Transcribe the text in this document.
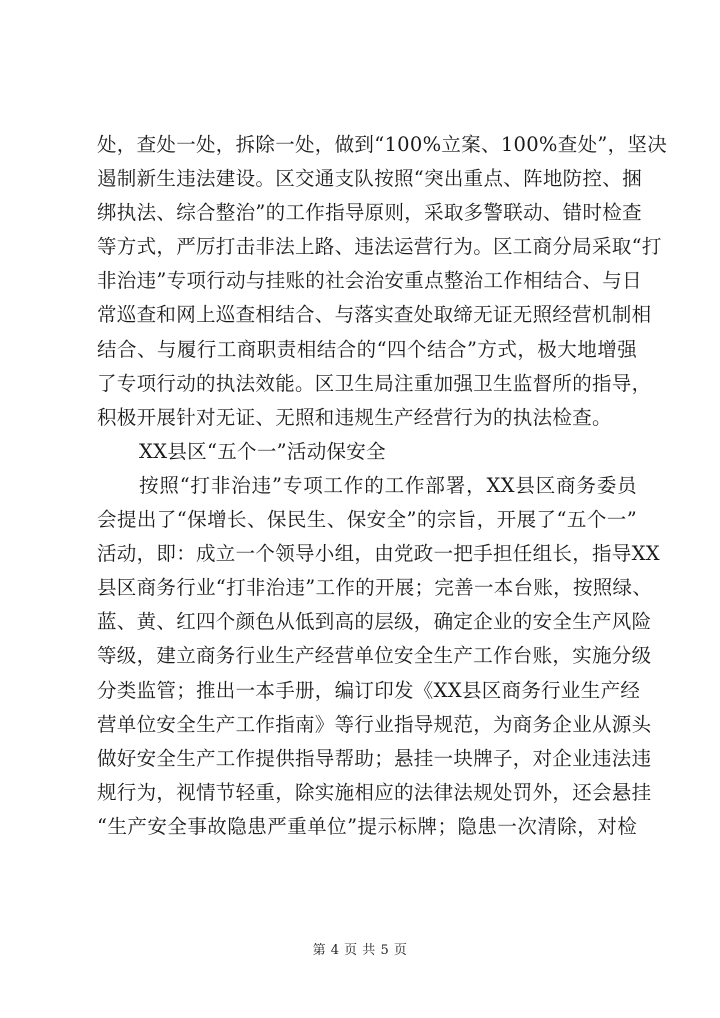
处，查处一处，拆除一处，做到“100%立案、100%查处”，坚决
遏制新生违法建设。区交通支队按照“突出重点、阵地防控、捆
绑执法、综合整治”的工作指导原则，采取多警联动、错时检查
等方式，严厉打击非法上路、违法运营行为。区工商分局采取“打
非治违”专项行动与挂账的社会治安重点整治工作相结合、与日
常巡查和网上巡查相结合、与落实查处取缔无证无照经营机制相
结合、与履行工商职责相结合的“四个结合”方式，极大地增强
了专项行动的执法效能。区卫生局注重加强卫生监督所的指导，
积极开展针对无证、无照和违规生产经营行为的执法检查。
XX县区“五个一”活动保安全
按照“打非治违”专项工作的工作部署，XX县区商务委员
会提出了“保增长、保民生、保安全”的宗旨，开展了“五个一”
活动，即：成立一个领导小组，由党政一把手担任组长，指导XX
县区商务行业“打非治违”工作的开展；完善一本台账，按照绿、
蓝、黄、红四个颜色从低到高的层级，确定企业的安全生产风险
等级，建立商务行业生产经营单位安全生产工作台账，实施分级
分类监管；推出一本手册，编订印发《XX县区商务行业生产经
营单位安全生产工作指南》等行业指导规范，为商务企业从源头
做好安全生产工作提供指导帮助；悬挂一块牌子，对企业违法违
规行为，视情节轻重，除实施相应的法律法规处罚外，还会悬挂
“生产安全事故隐患严重单位”提示标牌；隐患一次清除，对检
第 4 页 共 5 页
